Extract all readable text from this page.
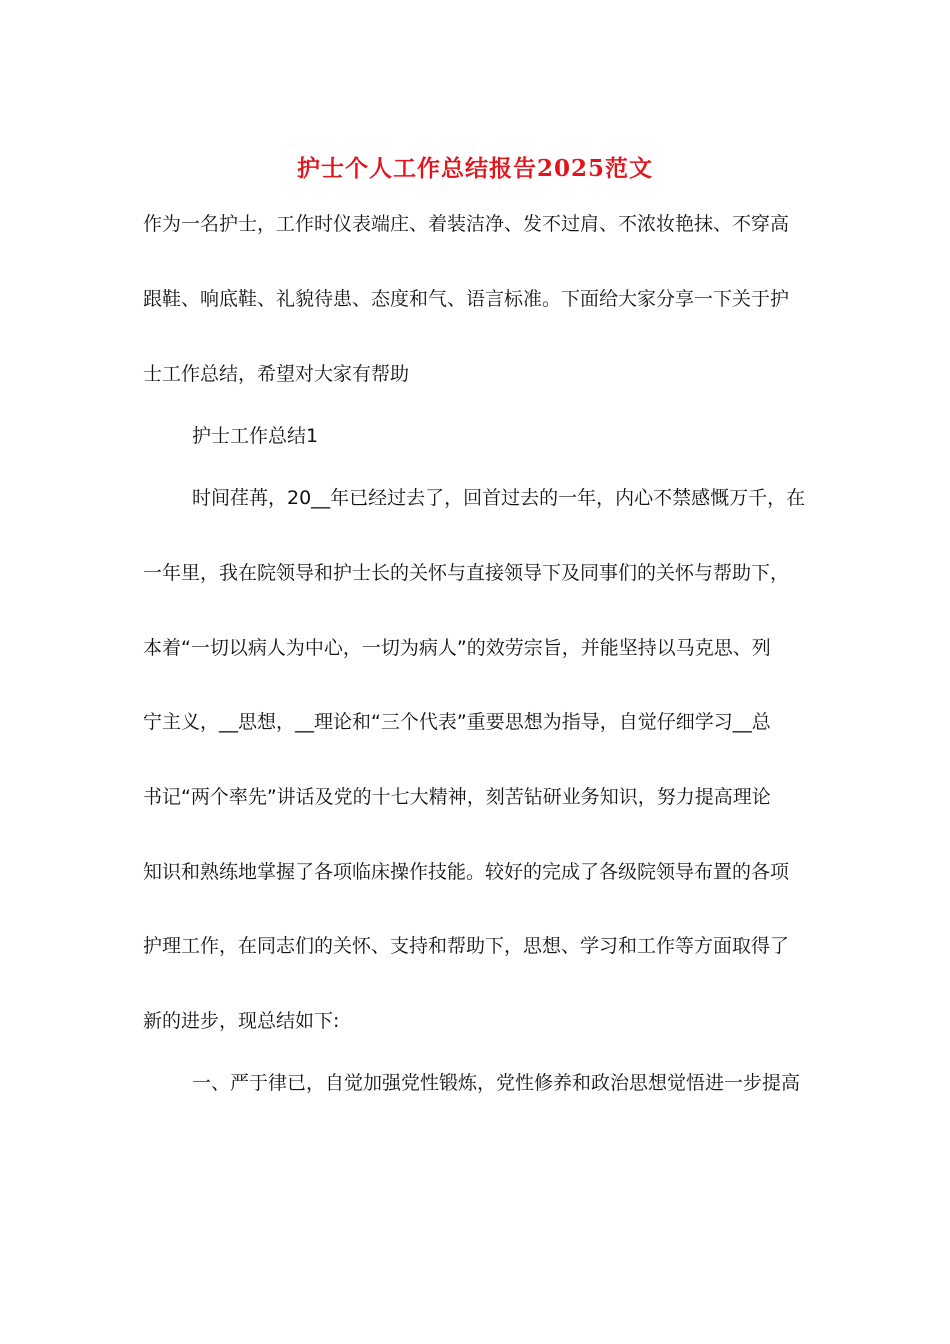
护士个人工作总结报告2025范文
作为一名护士，工作时仪表端庄、着装洁净、发不过肩、不浓妆艳抹、不穿高
跟鞋、响底鞋、礼貌待患、态度和气、语言标准。下面给大家分享一下关于护
士工作总结，希望对大家有帮助
护士工作总结1
时间荏苒，20__年已经过去了，回首过去的一年，内心不禁感慨万千，在
一年里，我在院领导和护士长的关怀与直接领导下及同事们的关怀与帮助下，
本着“一切以病人为中心，一切为病人”的效劳宗旨，并能坚持以马克思、列
宁主义，__思想，__理论和“三个代表”重要思想为指导，自觉仔细学习__总
书记“两个率先”讲话及党的十七大精神，刻苦钻研业务知识，努力提高理论
知识和熟练地掌握了各项临床操作技能。较好的完成了各级院领导布置的各项
护理工作，在同志们的关怀、支持和帮助下，思想、学习和工作等方面取得了
新的进步，现总结如下:
一、严于律已，自觉加强党性锻炼，党性修养和政治思想觉悟进一步提高
